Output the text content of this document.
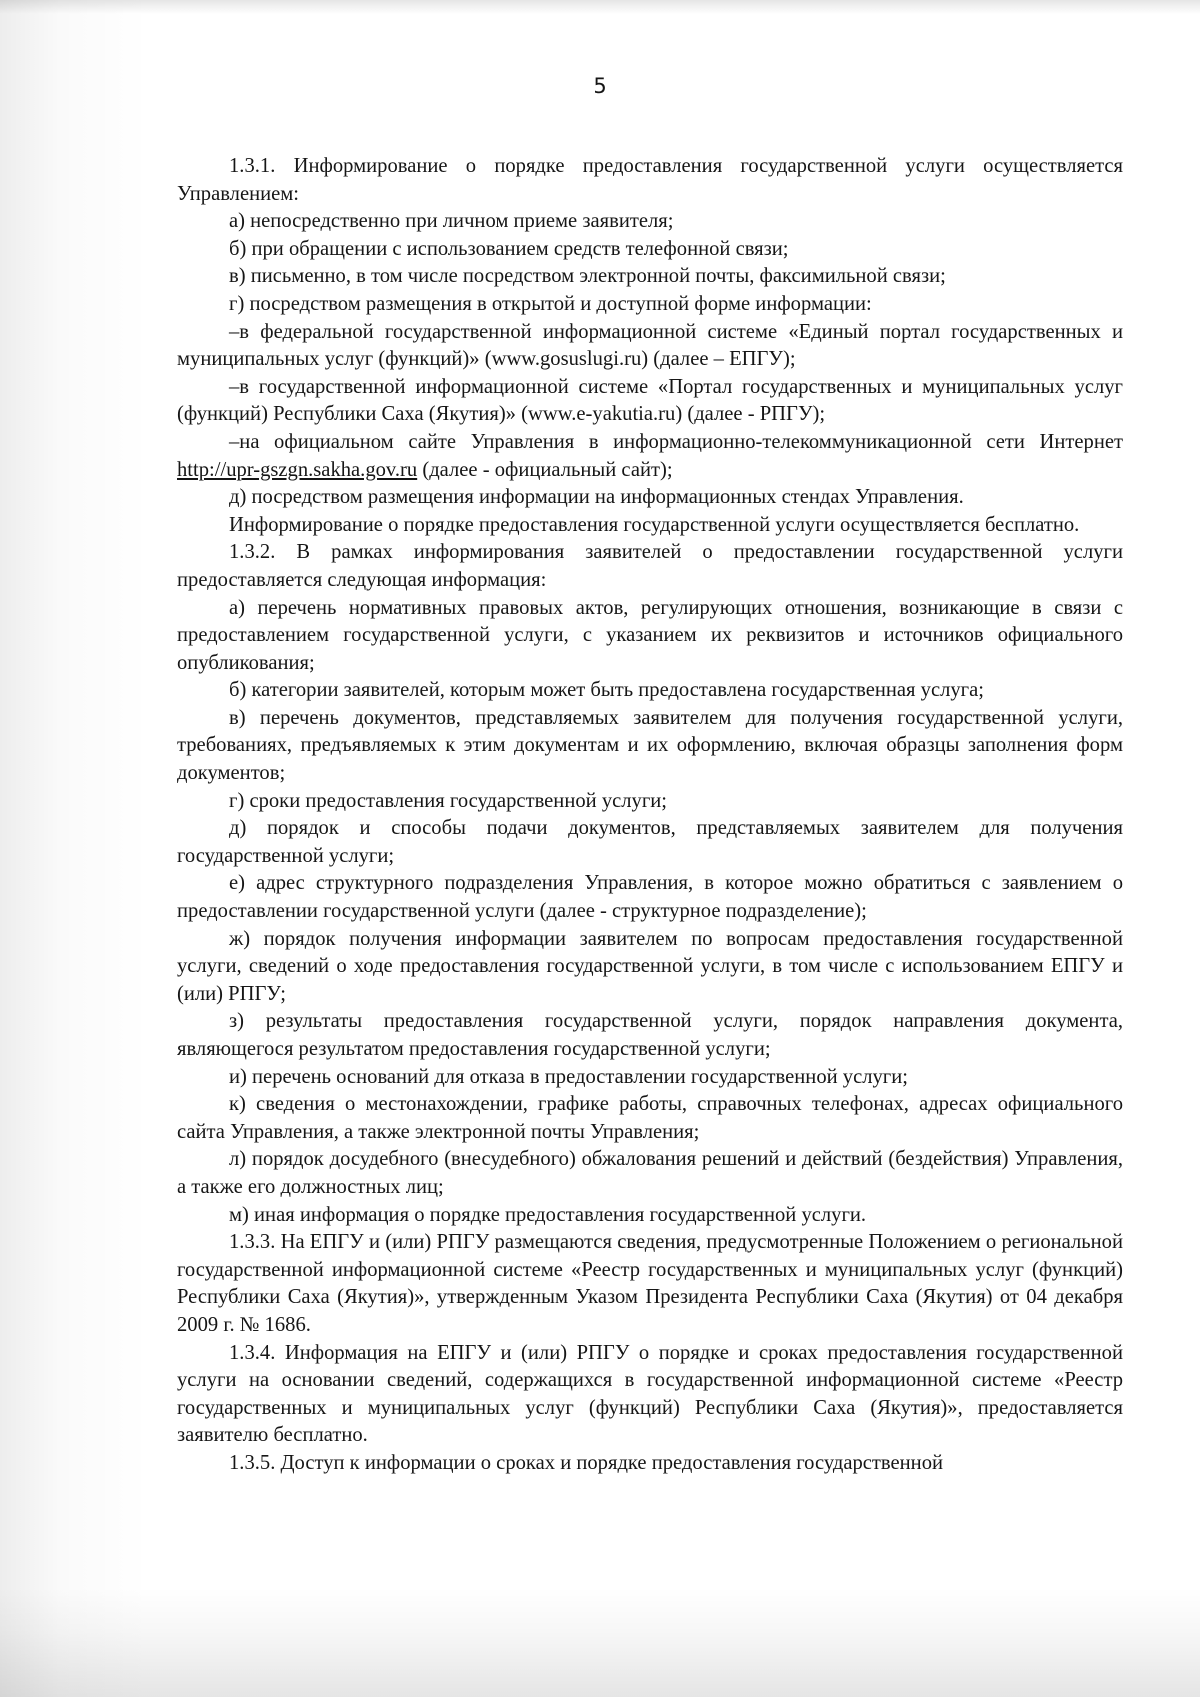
5

1.3.1. Информирование о порядке предоставления государственной услуги осуществляется Управлением:

а) непосредственно при личном приеме заявителя;

б) при обращении с использованием средств телефонной связи;

в) письменно, в том числе посредством электронной почты, факсимильной связи;

г) посредством размещения в открытой и доступной форме информации:

–в федеральной государственной информационной системе «Единый портал государственных и муниципальных услуг (функций)» (www.gosuslugi.ru) (далее – ЕПГУ);

–в государственной информационной системе «Портал государственных и муниципальных услуг (функций) Республики Саха (Якутия)» (www.e-yakutia.ru) (далее - РПГУ);

–на официальном сайте Управления в информационно-телекоммуникационной сети Интернет http://upr-gszgn.sakha.gov.ru (далее - официальный сайт);

д) посредством размещения информации на информационных стендах Управления.

Информирование о порядке предоставления государственной услуги осуществляется бесплатно.

1.3.2. В рамках информирования заявителей о предоставлении государственной услуги предоставляется следующая информация:

а) перечень нормативных правовых актов, регулирующих отношения, возникающие в связи с предоставлением государственной услуги, с указанием их реквизитов и источников официального опубликования;

б) категории заявителей, которым может быть предоставлена государственная услуга;

в) перечень документов, представляемых заявителем для получения государственной услуги, требованиях, предъявляемых к этим документам и их оформлению, включая образцы заполнения форм документов;

г) сроки предоставления государственной услуги;

д) порядок и способы подачи документов, представляемых заявителем для получения государственной услуги;

е) адрес структурного подразделения Управления, в которое можно обратиться с заявлением о предоставлении государственной услуги (далее - структурное подразделение);

ж) порядок получения информации заявителем по вопросам предоставления государственной услуги, сведений о ходе предоставления государственной услуги, в том числе с использованием ЕПГУ и (или) РПГУ;

з) результаты предоставления государственной услуги, порядок направления документа, являющегося результатом предоставления государственной услуги;

и) перечень оснований для отказа в предоставлении государственной услуги;

к) сведения о местонахождении, графике работы, справочных телефонах, адресах официального сайта Управления, а также электронной почты Управления;

л) порядок досудебного (внесудебного) обжалования решений и действий (бездействия) Управления, а также его должностных лиц;

м) иная информация о порядке предоставления государственной услуги.

1.3.3. На ЕПГУ и (или) РПГУ размещаются сведения, предусмотренные Положением о региональной государственной информационной системе «Реестр государственных и муниципальных услуг (функций) Республики Саха (Якутия)», утвержденным Указом Президента Республики Саха (Якутия) от 04 декабря 2009 г. № 1686.

1.3.4. Информация на ЕПГУ и (или) РПГУ о порядке и сроках предоставления государственной услуги на основании сведений, содержащихся в государственной информационной системе «Реестр государственных и муниципальных услуг (функций) Республики Саха (Якутия)», предоставляется заявителю бесплатно.

1.3.5. Доступ к информации о сроках и порядке предоставления государственной
